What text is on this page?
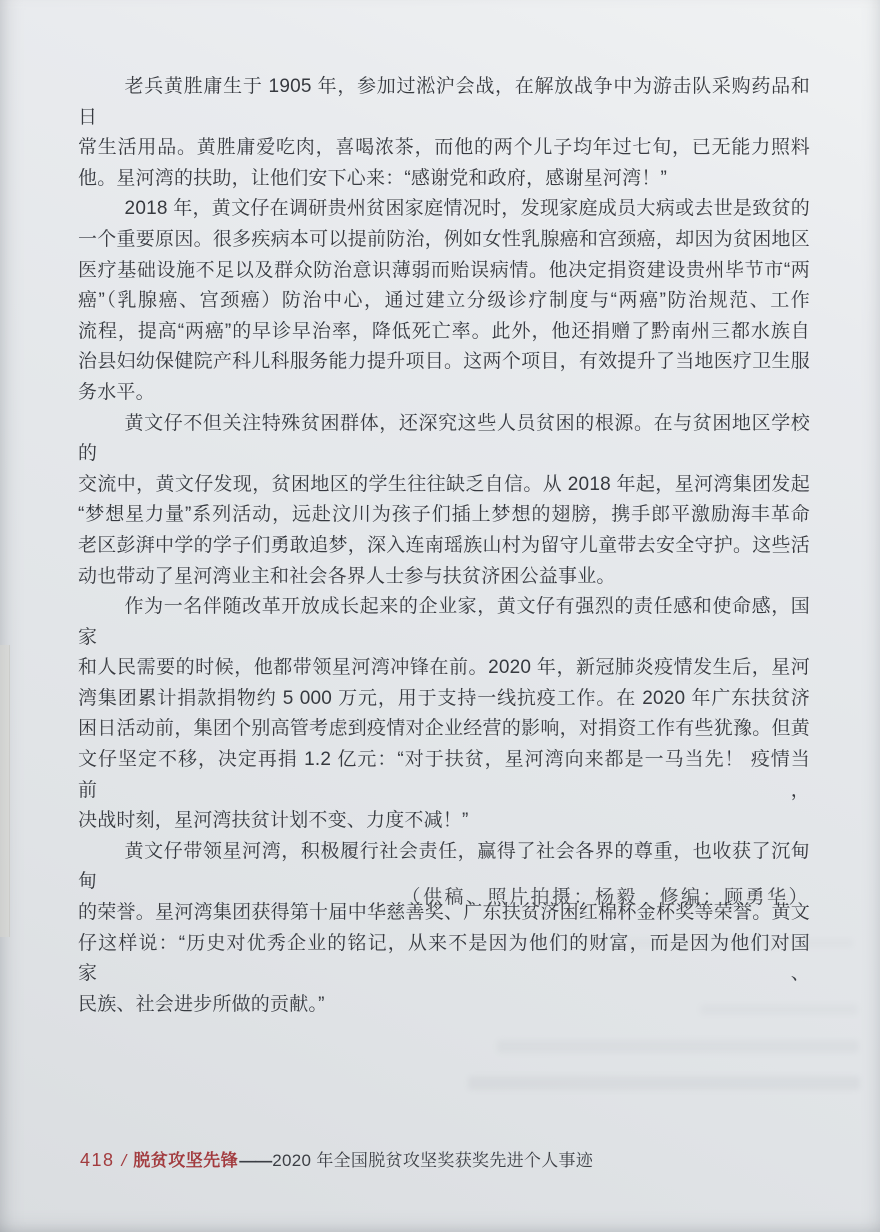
老兵黄胜庸生于 1905 年，参加过淞沪会战，在解放战争中为游击队采购药品和日
常生活用品。黄胜庸爱吃肉，喜喝浓茶，而他的两个儿子均年过七旬，已无能力照料
他。星河湾的扶助，让他们安下心来：“感谢党和政府，感谢星河湾！”
2018 年，黄文仔在调研贵州贫困家庭情况时，发现家庭成员大病或去世是致贫的
一个重要原因。很多疾病本可以提前防治，例如女性乳腺癌和宫颈癌，却因为贫困地区
医疗基础设施不足以及群众防治意识薄弱而贻误病情。他决定捐资建设贵州毕节市“两
癌”（乳腺癌、宫颈癌）防治中心，通过建立分级诊疗制度与“两癌”防治规范、工作
流程，提高“两癌”的早诊早治率，降低死亡率。此外，他还捐赠了黔南州三都水族自
治县妇幼保健院产科儿科服务能力提升项目。这两个项目，有效提升了当地医疗卫生服
务水平。
黄文仔不但关注特殊贫困群体，还深究这些人员贫困的根源。在与贫困地区学校的
交流中，黄文仔发现，贫困地区的学生往往缺乏自信。从 2018 年起，星河湾集团发起
“梦想星力量”系列活动，远赴汶川为孩子们插上梦想的翅膀，携手郎平激励海丰革命
老区彭湃中学的学子们勇敢追梦，深入连南瑶族山村为留守儿童带去安全守护。这些活
动也带动了星河湾业主和社会各界人士参与扶贫济困公益事业。
作为一名伴随改革开放成长起来的企业家，黄文仔有强烈的责任感和使命感，国家
和人民需要的时候，他都带领星河湾冲锋在前。2020 年，新冠肺炎疫情发生后，星河
湾集团累计捐款捐物约 5 000 万元，用于支持一线抗疫工作。在 2020 年广东扶贫济
困日活动前，集团个别高管考虑到疫情对企业经营的影响，对捐资工作有些犹豫。但黄
文仔坚定不移，决定再捐 1.2 亿元：“对于扶贫，星河湾向来都是一马当先！ 疫情当前，
决战时刻，星河湾扶贫计划不变、力度不减！”
黄文仔带领星河湾，积极履行社会责任，赢得了社会各界的尊重，也收获了沉甸甸
的荣誉。星河湾集团获得第十届中华慈善奖、广东扶贫济困红棉杯金杯奖等荣誉。黄文
仔这样说：“历史对优秀企业的铭记，从来不是因为他们的财富，而是因为他们对国家、
民族、社会进步所做的贡献。”
（供稿、照片拍摄：杨毅　修编：顾勇华）
418 / 脱贫攻坚先锋 —— 2020 年全国脱贫攻坚奖获奖先进个人事迹
